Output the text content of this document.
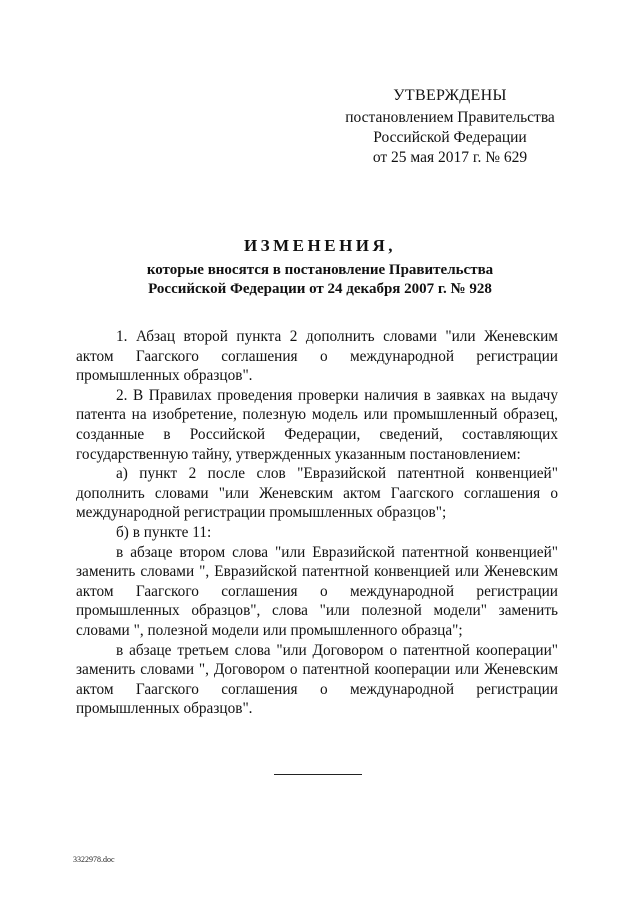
УТВЕРЖДЕНЫ
постановлением Правительства
Российской Федерации
от 25 мая 2017 г. № 629
ИЗМЕНЕНИЯ,
которые вносятся в постановление Правительства
Российской Федерации от 24 декабря 2007 г. № 928

1. Абзац второй пункта 2 дополнить словами "или Женевским актом Гаагского соглашения о международной регистрации промышленных образцов".

2. В Правилах проведения проверки наличия в заявках на выдачу патента на изобретение, полезную модель или промышленный образец, созданные в Российской Федерации, сведений, составляющих государственную тайну, утвержденных указанным постановлением:

а) пункт 2 после слов "Евразийской патентной конвенцией" дополнить словами "или Женевским актом Гаагского соглашения о международной регистрации промышленных образцов";

б) в пункте 11:

в абзаце втором слова "или Евразийской патентной конвенцией" заменить словами ", Евразийской патентной конвенцией или Женевским актом Гаагского соглашения о международной регистрации промышленных образцов", слова "или полезной модели" заменить словами ", полезной модели или промышленного образца";

в абзаце третьем слова "или Договором о патентной кооперации" заменить словами ", Договором о патентной кооперации или Женевским актом Гаагского соглашения о международной регистрации промышленных образцов".

3322978.doc
